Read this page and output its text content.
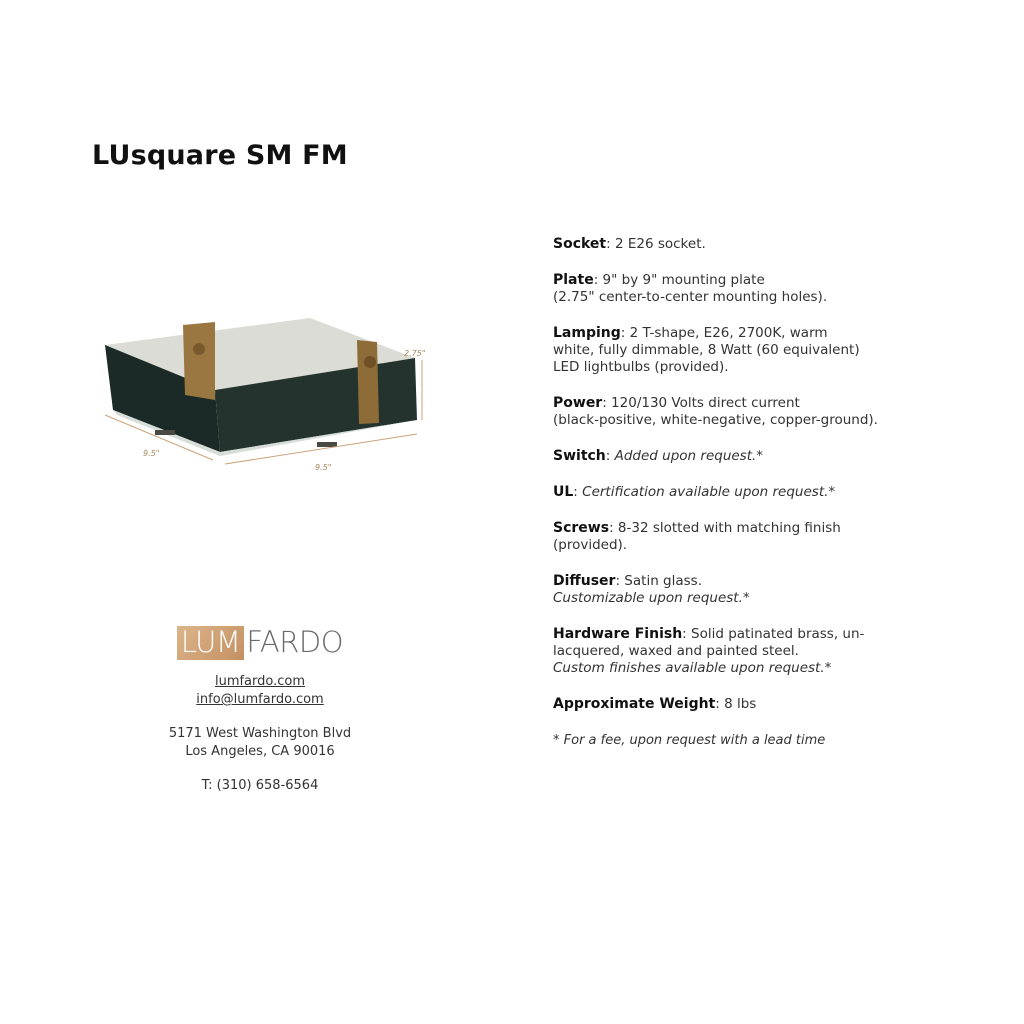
LUsquare SM FM
9.5"
9.5"
2.75"
LUM FARDO
lumfardo.com
info@lumfardo.com
5171 West Washington Blvd
Los Angeles, CA 90016
T: (310) 658-6564
Socket: 2 E26 socket.
Plate: 9" by 9" mounting plate
(2.75" center-to-center mounting holes).
Lamping: 2 T-shape, E26, 2700K, warm
white, fully dimmable, 8 Watt (60 equivalent)
LED lightbulbs (provided).
Power: 120/130 Volts direct current
(black-positive, white-negative, copper-ground).
Switch: Added upon request.*
UL: Certification available upon request.*
Screws: 8-32 slotted with matching finish
(provided).
Diffuser: Satin glass.
Customizable upon request.*
Hardware Finish: Solid patinated brass, un-
lacquered, waxed and painted steel.
Custom finishes available upon request.*
Approximate Weight: 8 lbs
* For a fee, upon request with a lead time
